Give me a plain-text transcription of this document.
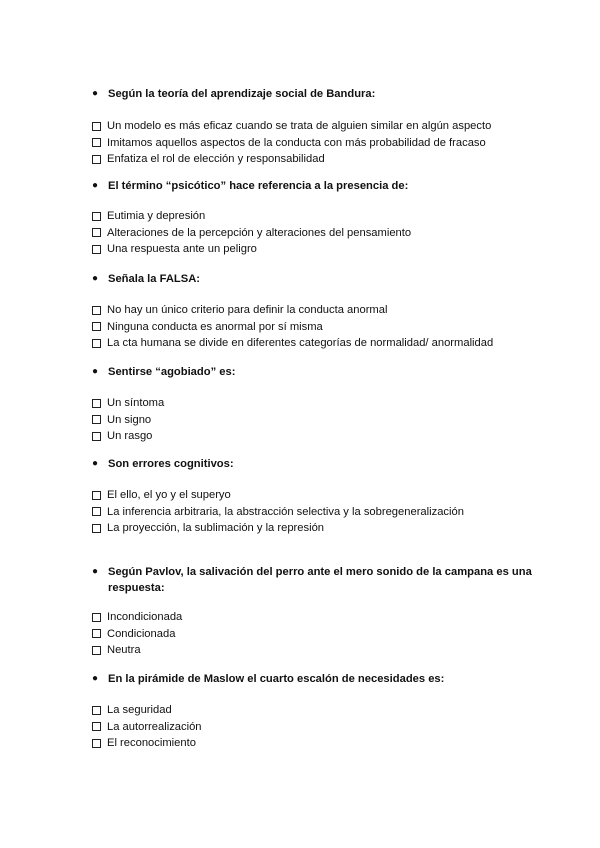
● Según la teoría del aprendizaje social de Bandura:
Un modelo es más eficaz cuando se trata de alguien similar en algún aspecto
Imitamos aquellos aspectos de la conducta con más probabilidad de fracaso
Enfatiza el rol de elección y responsabilidad
● El término “psicótico” hace referencia a la presencia de:
Eutimia y depresión
Alteraciones de la percepción y alteraciones del pensamiento
Una respuesta ante un peligro
● Señala la FALSA:
No hay un único criterio para definir la conducta anormal
Ninguna conducta es anormal por sí misma
La cta humana se divide en diferentes categorías de normalidad/ anormalidad
● Sentirse “agobiado” es:
Un síntoma
Un signo
Un rasgo
● Son errores cognitivos:
El ello, el yo y el superyo
La inferencia arbitraria, la abstracción selectiva y la sobregeneralización
La proyección, la sublimación y la represión
● Según Pavlov, la salivación del perro ante el mero sonido de la campana es una respuesta:
Incondicionada
Condicionada
Neutra
● En la pirámide de Maslow el cuarto escalón de necesidades es:
La seguridad
La autorrealización
El reconocimiento
